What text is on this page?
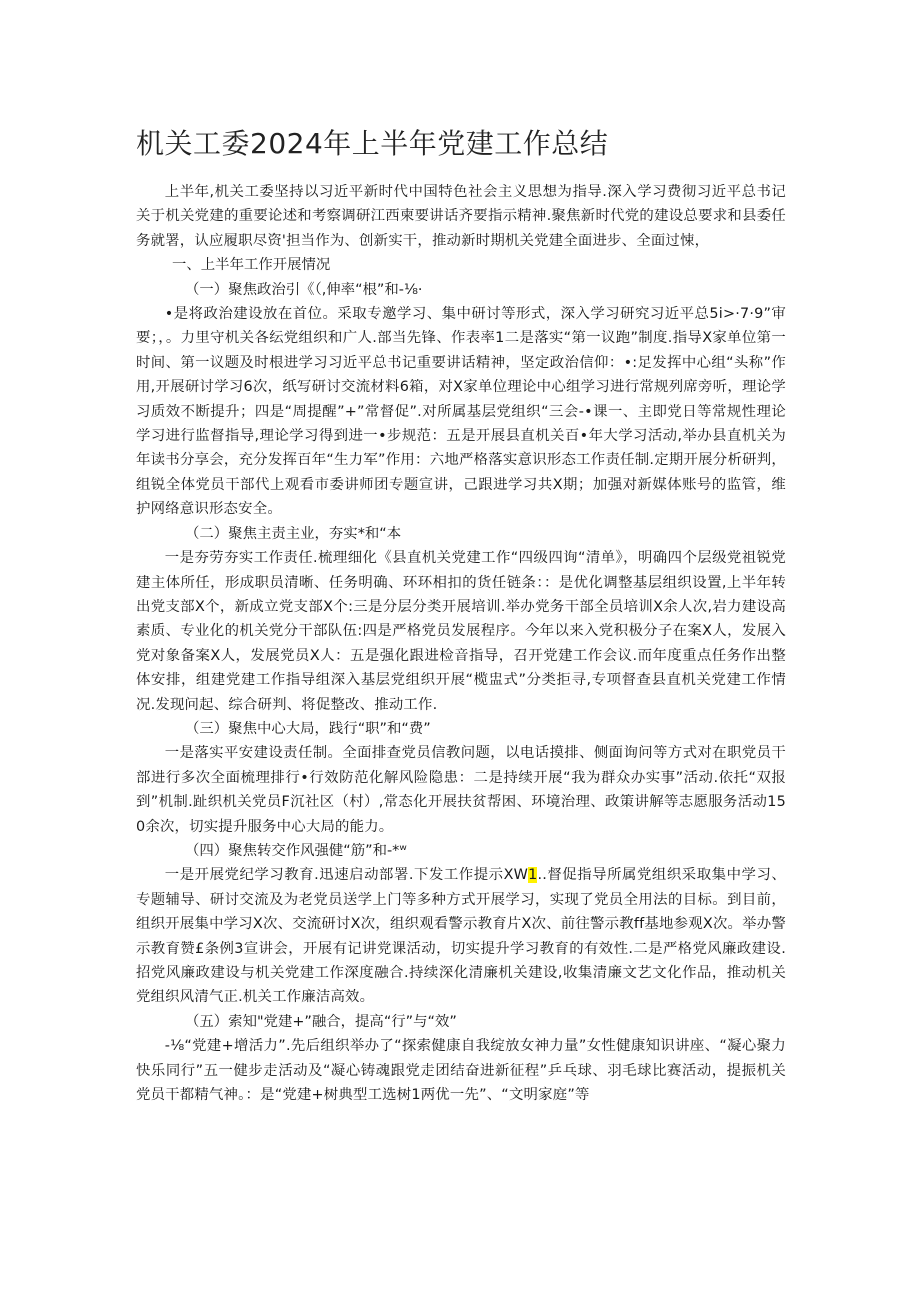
机关工委2024年上半年党建工作总结

上半年,机关工委坚持以习近平新时代中国特色社会主义思想为指导.深入学习费彻习近平总书记关于机关党建的重要论述和考察调研江西柬要讲话齐要指示精神.聚焦新时代党的建设总要求和县委任务就署，认应履职尽资'担当作为、创新实干，推动新时期机关党建全面进步、全面过悚，

一、上半年工作开展情况

（一）聚焦政治引《（,伸率“根”和-⅛·

•是将政治建设放在首位。采取专邀学习、集中研讨等形式，深入学习研究习近平总5i>·7·9”审要；，。力里守机关各纭党组织和广人.部当先锋、作表率1二是落实“第一议跑”制度.指导X家单位第一时间、第一议题及时根进学习习近平总书记重要讲话精神，坚定政治信仰：•:足发挥中心组“头称”作用,开展研讨学习6次，纸写研讨交流材料6箱，对X家单位理论中心组学习进行常规列席旁听，理论学习质效不断提升；四是“周提醒”+”常督促”.对所属基层党组织“三会-•课一、主即党日等常规性理论学习进行监督指导,理论学习得到进一•步规范：五是开展县直机关百•年大学习活动,举办县直机关为年读书分享会，充分发挥百年“生力军”作用：六地严格落实意识形态工作责任制.定期开展分析研判，组锐全体党员干部代上观看市委讲师团专题宣讲，己跟进学习共X期；加强对新媒体账号的监管，维护网络意识形态安全。

（二）聚焦主责主业，夯实*和“本

一是夯劳夯实工作责任.梳理细化《县直机关党建工作“四级四询“清单》，明确四个层级党祖锐党建主体所任，形成职员清晰、任务明确、环环相扣的货任链条：：是优化调整基层组织设置,上半年转出党支部X个，新成立党支部X个:三是分层分类开展培训.举办党务干部全员培训X余人次,岩力建设高素质、专业化的机关党分干部队伍:四是严格党员发展程序。今年以来入党积极分子在案X人，发展入党对象备案X人，发展党员X人：五是强化跟进检音指导，召开党建工作会议.而年度重点任务作出整体安排，组建党建工作指导组深入基层党组织开展“榄盅式”分类拒寻,专项督查县直机关党建工作情况.发现问起、综合研判、将促整改、推动工作.

（三）聚焦中心大局，践行“职”和“费”

一是落实平安建设责任制。全面排查党员信教问题，以电话摸排、侧面询问等方式对在职党员干部进行多次全面梳理排行•行效防范化解风险隐患：二是持续开展“我为群众办实事”活动.依托“双报到”机制.趾织机关党员F沉社区（村）,常态化开展扶贫帮困、环境治理、政策讲解等志愿服务活动150余次，切实提升服务中心大局的能力。

（四）聚焦转交作风强健“筋”和-*ʷ

一是开展党纪学习教育.迅速启动部署.下发工作提示XW1..督促指导所属党组织采取集中学习、专题辅导、研讨交流及为老党员送学上门等多种方式开展学习，实现了党员全用法的目标。到目前，组织开展集中学习X次、交流研讨X次，组织观看警示教育片X次、前往警示教ff基地参观X次。举办警示教育赞£条例3宣讲会，开展有记讲党课活动，切实提升学习教育的有效性.二是严格党风廉政建设.招党风廉政建设与机关党建工作深度融合.持续深化清廉机关建设,收集清廉文艺文化作品，推动机关党组织风清气正.机关工作廉洁高效。

（五）索知"党建+”融合，提高“行”与“效”

-⅛“党建+增活力”.先后组织举办了“探索健康自我绽放女神力量”女性健康知识讲座、“凝心聚力快乐同行”五一健步走活动及“凝心铸魂跟党走团结奋进新征程”乒乓球、羽毛球比赛活动，提振机关党员干都精气神。：是“党建+树典型工选树1两优一先”、“文明家庭”等
